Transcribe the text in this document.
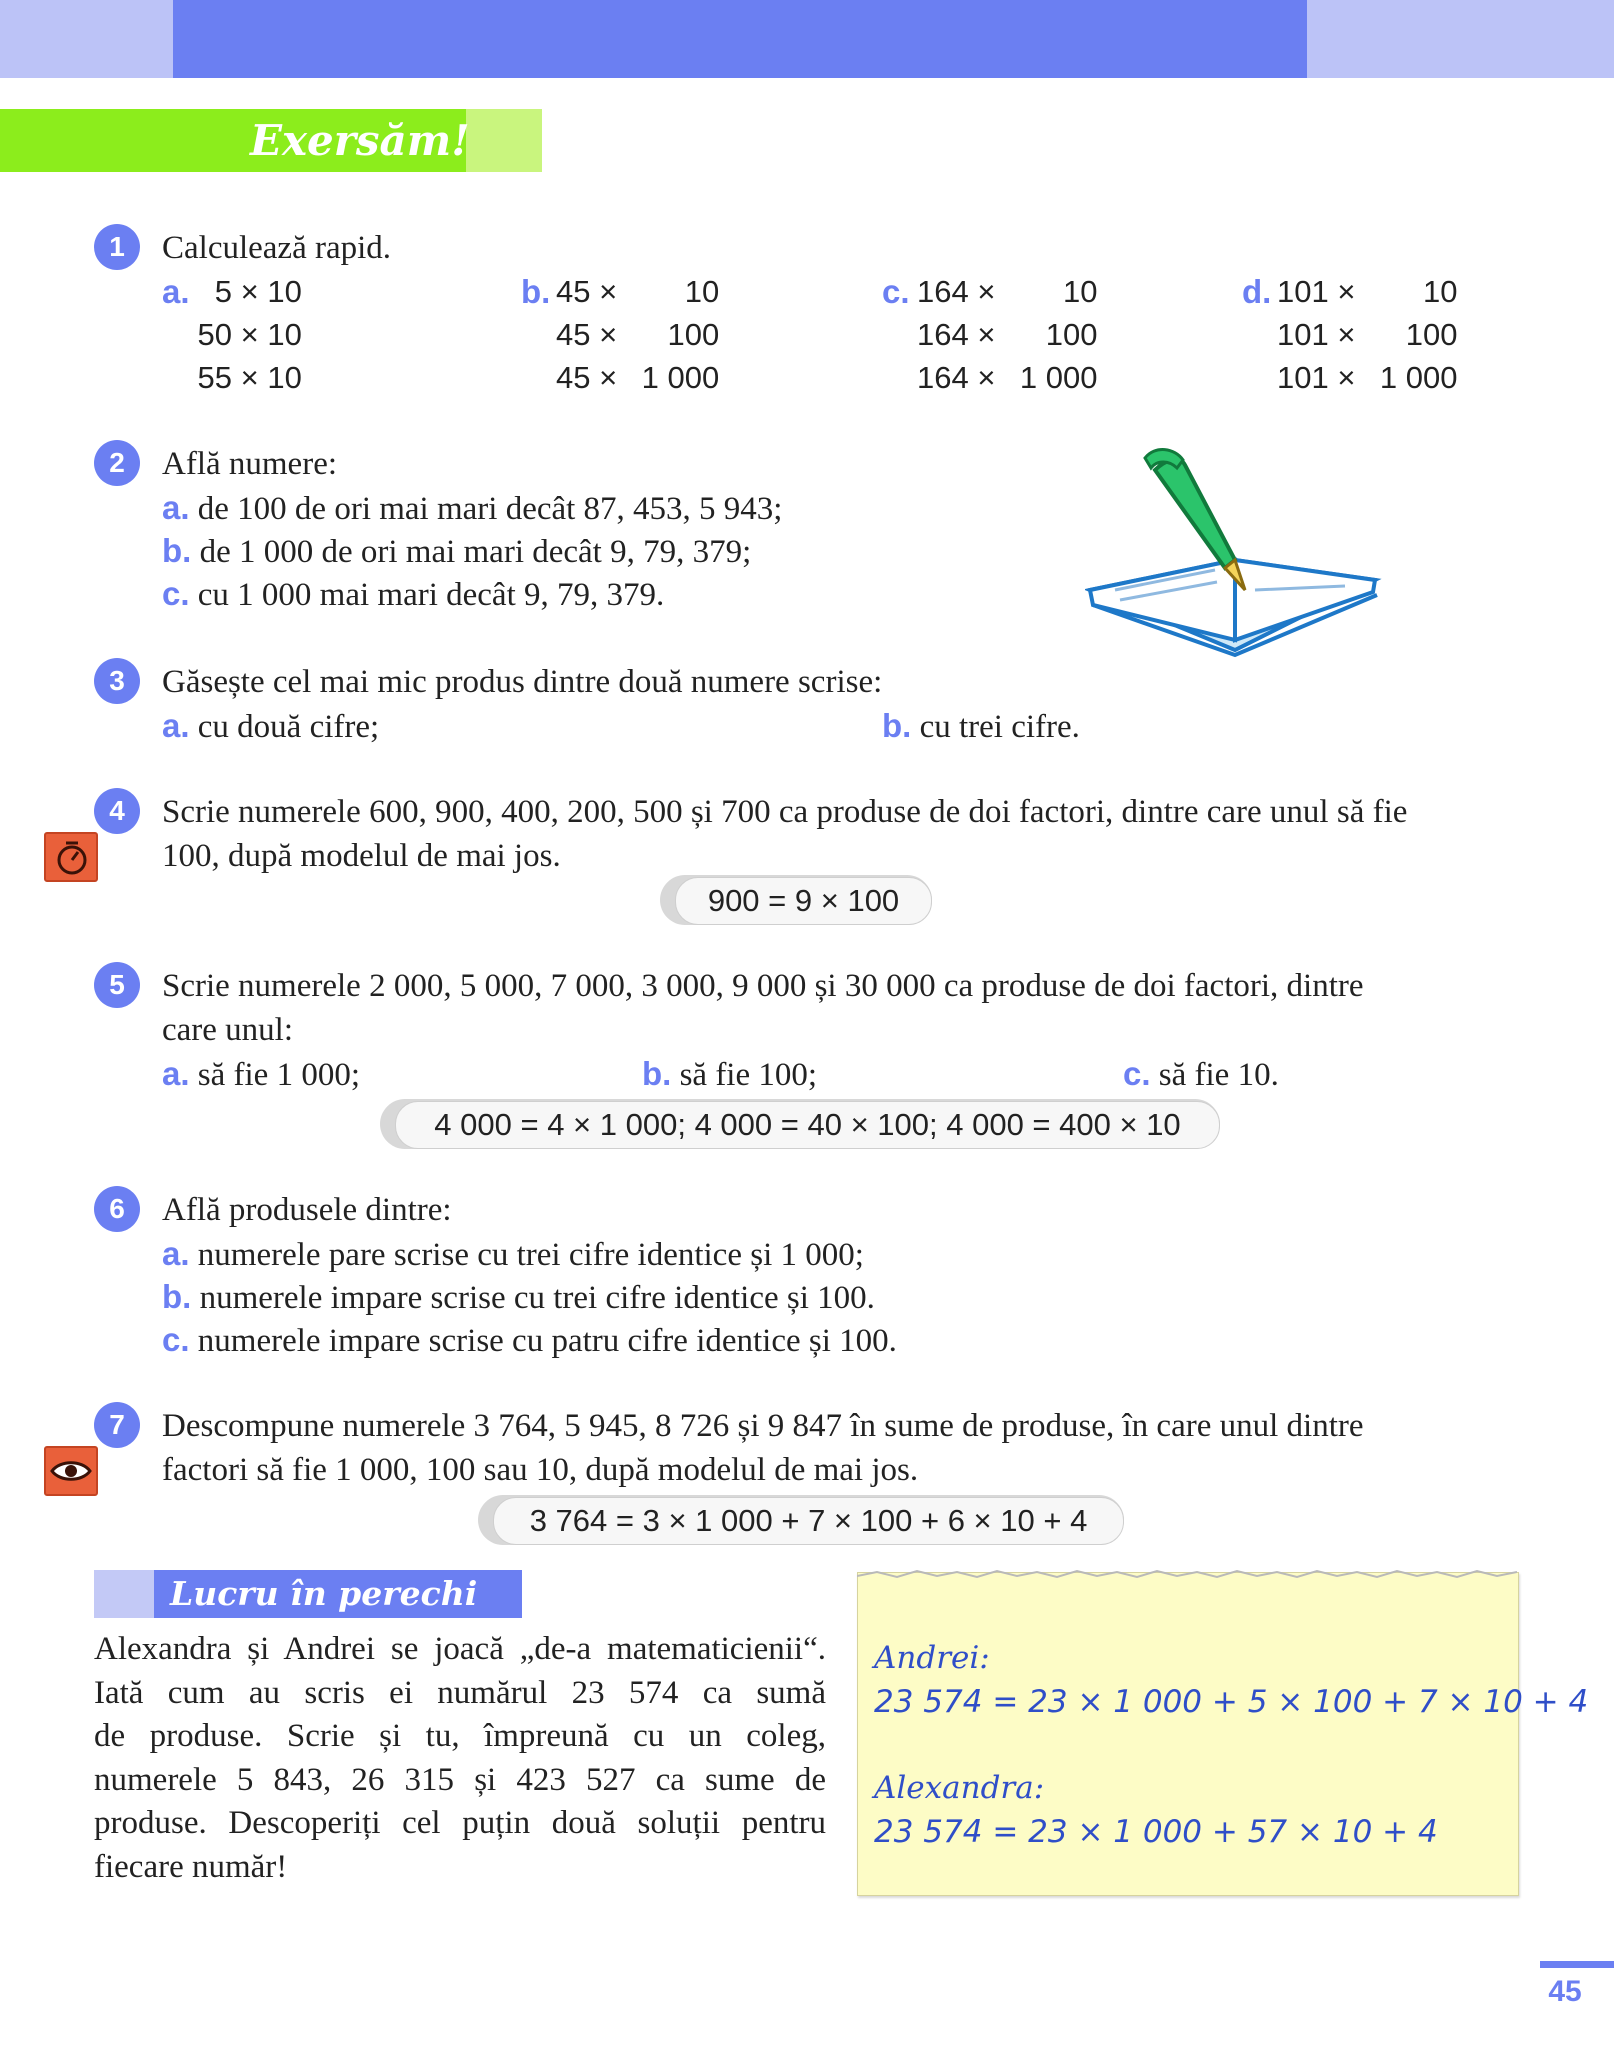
Exersăm!
1	Calculează rapid.
a. 5 × 10
50 × 10
55 × 10
b. 45 × 10
45 × 100
45 × 1 000
c. 164 × 10
164 × 100
164 × 1 000
d. 101 × 10
101 × 100
101 × 1 000
2	Află numere:
a. de 100 de ori mai mari decât 87, 453, 5 943;
b. de 1 000 de ori mai mari decât 9, 79, 379;
c. cu 1 000 mai mari decât 9, 79, 379.
3	Găsește cel mai mic produs dintre două numere scrise:
a. cu două cifre;	b. cu trei cifre.
4	Scrie numerele 600, 900, 400, 200, 500 și 700 ca produse de doi factori, dintre care unul să fie
100, după modelul de mai jos.
900 = 9 × 100
5	Scrie numerele 2 000, 5 000, 7 000, 3 000, 9 000 și 30 000 ca produse de doi factori, dintre
care unul:
a. să fie 1 000;	b. să fie 100;	c. să fie 10.
4 000 = 4 × 1 000; 4 000 = 40 × 100; 4 000 = 400 × 10
6	Află produsele dintre:
a. numerele pare scrise cu trei cifre identice și 1 000;
b. numerele impare scrise cu trei cifre identice și 100.
c. numerele impare scrise cu patru cifre identice și 100.
7	Descompune numerele 3 764, 5 945, 8 726 și 9 847 în sume de produse, în care unul dintre
factori să fie 1 000, 100 sau 10, după modelul de mai jos.
3 764 = 3 × 1 000 + 7 × 100 + 6 × 10 + 4
Lucru în perechi
Alexandra și Andrei se joacă „de-a matematicienii“.
Iată cum au scris ei numărul 23 574 ca sumă
de produse. Scrie și tu, împreună cu un coleg,
numerele 5 843, 26 315 și 423 527 ca sume de
produse. Descoperiți cel puțin două soluții pentru
fiecare număr!
Andrei:
23 574 = 23 × 1 000 + 5 × 100 + 7 × 10 + 4
Alexandra:
23 574 = 23 × 1 000 + 57 × 10 + 4
45
